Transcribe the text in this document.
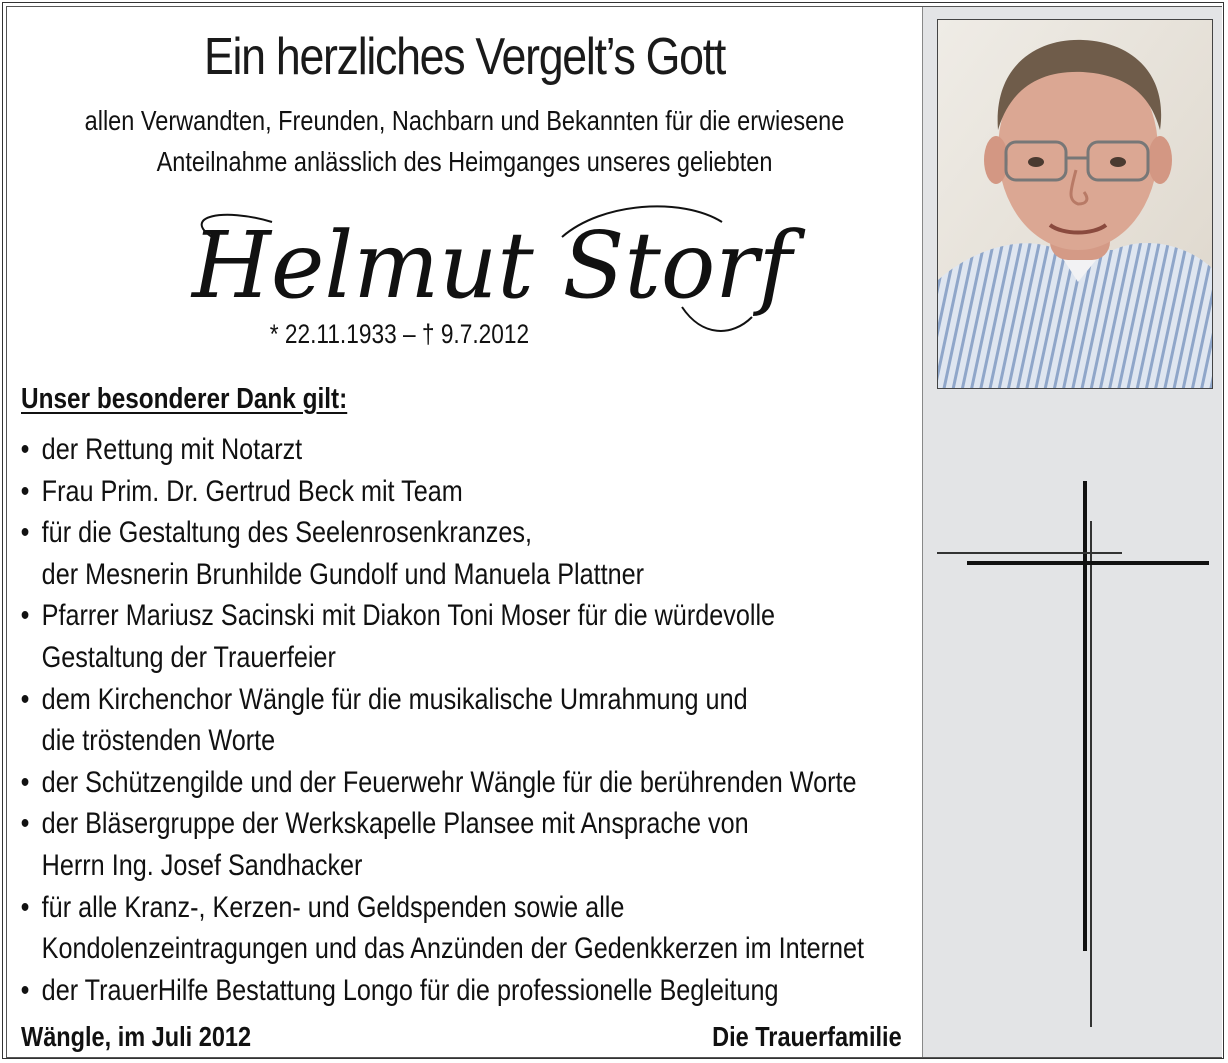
Ein herzliches Vergelt’s Gott
allen Verwandten, Freunden, Nachbarn und Bekannten für die erwiesene
Anteilnahme anlässlich des Heimganges unseres geliebten
Helmut Storf
* 22.11.1933 – † 9.7.2012
Unser besonderer Dank gilt:
• der Rettung mit Notarzt
• Frau Prim. Dr. Gertrud Beck mit Team
• für die Gestaltung des Seelenrosenkranzes,
der Mesnerin Brunhilde Gundolf und Manuela Plattner
• Pfarrer Mariusz Sacinski mit Diakon Toni Moser für die würdevolle
Gestaltung der Trauerfeier
• dem Kirchenchor Wängle für die musikalische Umrahmung und
die tröstenden Worte
• der Schützengilde und der Feuerwehr Wängle für die berührenden Worte
• der Bläsergruppe der Werkskapelle Plansee mit Ansprache von
Herrn Ing. Josef Sandhacker
• für alle Kranz-, Kerzen- und Geldspenden sowie alle
Kondolenzeintragungen und das Anzünden der Gedenkkerzen im Internet
• der TrauerHilfe Bestattung Longo für die professionelle Begleitung
Wängle, im Juli 2012	Die Trauerfamilie
